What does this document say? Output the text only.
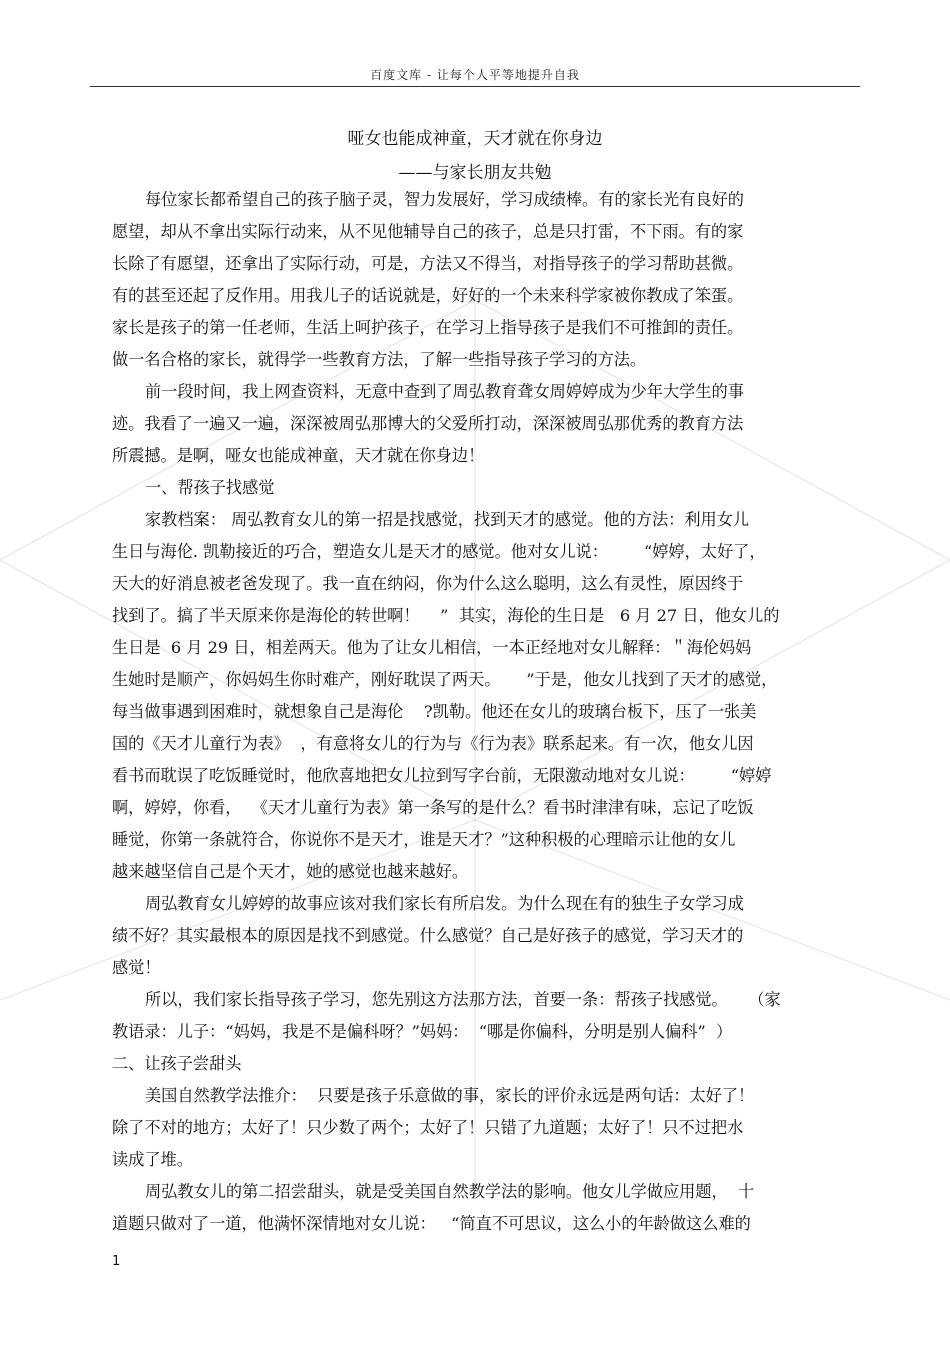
百度文库 - 让每个人平等地提升自我
哑女也能成神童，天才就在你身边
——与家长朋友共勉
每位家长都希望自己的孩子脑子灵，智力发展好，学习成绩棒。有的家长光有良好的
愿望，却从不拿出实际行动来，从不见他辅导自己的孩子，总是只打雷，不下雨。有的家
长除了有愿望，还拿出了实际行动，可是，方法又不得当，对指导孩子的学习帮助甚微。
有的甚至还起了反作用。用我儿子的话说就是，好好的一个未来科学家被你教成了笨蛋。
家长是孩子的第一任老师，生活上呵护孩子，在学习上指导孩子是我们不可推卸的责任。
做一名合格的家长，就得学一些教育方法，了解一些指导孩子学习的方法。
前一段时间，我上网查资料，无意中查到了周弘教育聋女周婷婷成为少年大学生的事
迹。我看了一遍又一遍，深深被周弘那博大的父爱所打动，深深被周弘那优秀的教育方法
所震撼。是啊，哑女也能成神童，天才就在你身边！
一、帮孩子找感觉
家教档案： 周弘教育女儿的第一招是找感觉，找到天才的感觉。他的方法：利用女儿
生日与海伦. 凯勒接近的巧合，塑造女儿是天才的感觉。他对女儿说：       “婷婷，太好了，
天大的好消息被老爸发现了。我一直在纳闷，你为什么这么聪明，这么有灵性，原因终于
找到了。搞了半天原来你是海伦的转世啊！    ”  其实，海伦的生日是   6 月 27 日，他女儿的
生日是  6 月 29 日，相差两天。他为了让女儿相信，一本正经地对女儿解释：＂海伦妈妈
生她时是顺产，你妈妈生你时难产，刚好耽误了两天。     ”于是，他女儿找到了天才的感觉，
每当做事遇到困难时，就想象自己是海伦    ?凯勒。他还在女儿的玻璃台板下，压了一张美
国的《天才儿童行为表》  ，有意将女儿的行为与《行为表》联系起来。有一次，他女儿因
看书而耽误了吃饭睡觉时，他欣喜地把女儿拉到写字台前，无限激动地对女儿说：       “婷婷
啊，婷婷，你看，  《天才儿童行为表》第一条写的是什么？看书时津津有味，忘记了吃饭
睡觉，你第一条就符合，你说你不是天才，谁是天才？”这种积极的心理暗示让他的女儿
越来越坚信自己是个天才，她的感觉也越来越好。
周弘教育女儿婷婷的故事应该对我们家长有所启发。为什么现在有的独生子女学习成
绩不好？其实最根本的原因是找不到感觉。什么感觉？自己是好孩子的感觉，学习天才的
感觉！
所以，我们家长指导孩子学习，您先别这方法那方法，首要一条：帮孩子找感觉。    （家
教语录：儿子：“妈妈，我是不是偏科呀？”妈妈：  “哪是你偏科，分明是别人偏科”  ）
二、让孩子尝甜头
美国自然教学法推介：  只要是孩子乐意做的事，家长的评价永远是两句话：太好了！
除了不对的地方；太好了！只少数了两个；太好了！只错了九道题；太好了！只不过把水
读成了堆。
周弘教女儿的第二招尝甜头，就是受美国自然教学法的影响。他女儿学做应用题，  十
道题只做对了一道，他满怀深情地对女儿说：   “简直不可思议，这么小的年龄做这么难的
1
